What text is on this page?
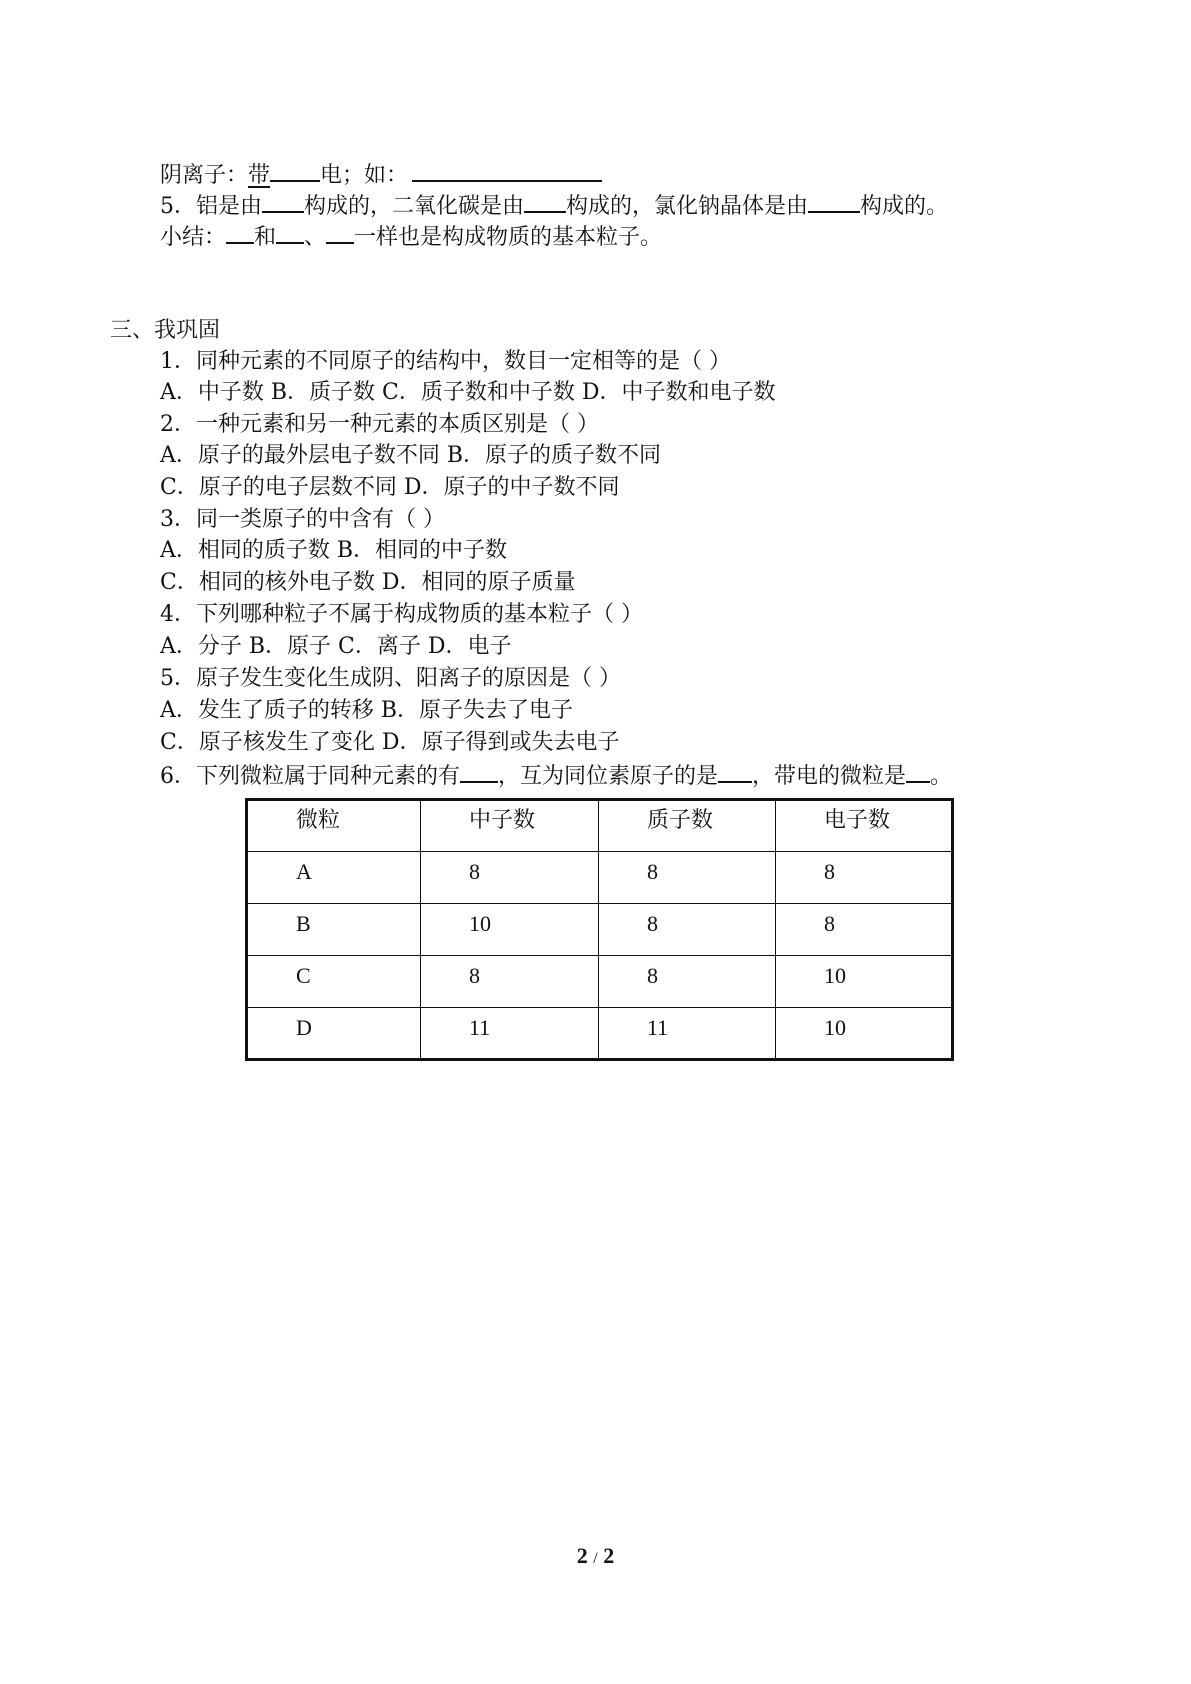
阴离子：带 电；如：
5．铝是由 构成的，二氧化碳是由 构成的，氯化钠晶体是由 构成的。
小结： 和 、 一样也是构成物质的基本粒子。
三、我巩固
1．同种元素的不同原子的结构中，数目一定相等的是（ ）
A．中子数 B．质子数 C．质子数和中子数 D．中子数和电子数
2．一种元素和另一种元素的本质区别是（ ）
A．原子的最外层电子数不同 B．原子的质子数不同
C．原子的电子层数不同 D．原子的中子数不同
3．同一类原子的中含有（ ）
A．相同的质子数 B．相同的中子数
C．相同的核外电子数 D．相同的原子质量
4．下列哪种粒子不属于构成物质的基本粒子（ ）
A．分子 B．原子 C．离子 D．电子
5．原子发生变化生成阴、阳离子的原因是（ ）
A．发生了质子的转移 B．原子失去了电子
C．原子核发生了变化 D．原子得到或失去电子
6．下列微粒属于同种元素的有 ，互为同位素原子的是 ，带电的微粒是 。
微粒	中子数	质子数	电子数
A	8	8	8
B	10	8	8
C	8	8	10
D	11	11	10
2 / 2
